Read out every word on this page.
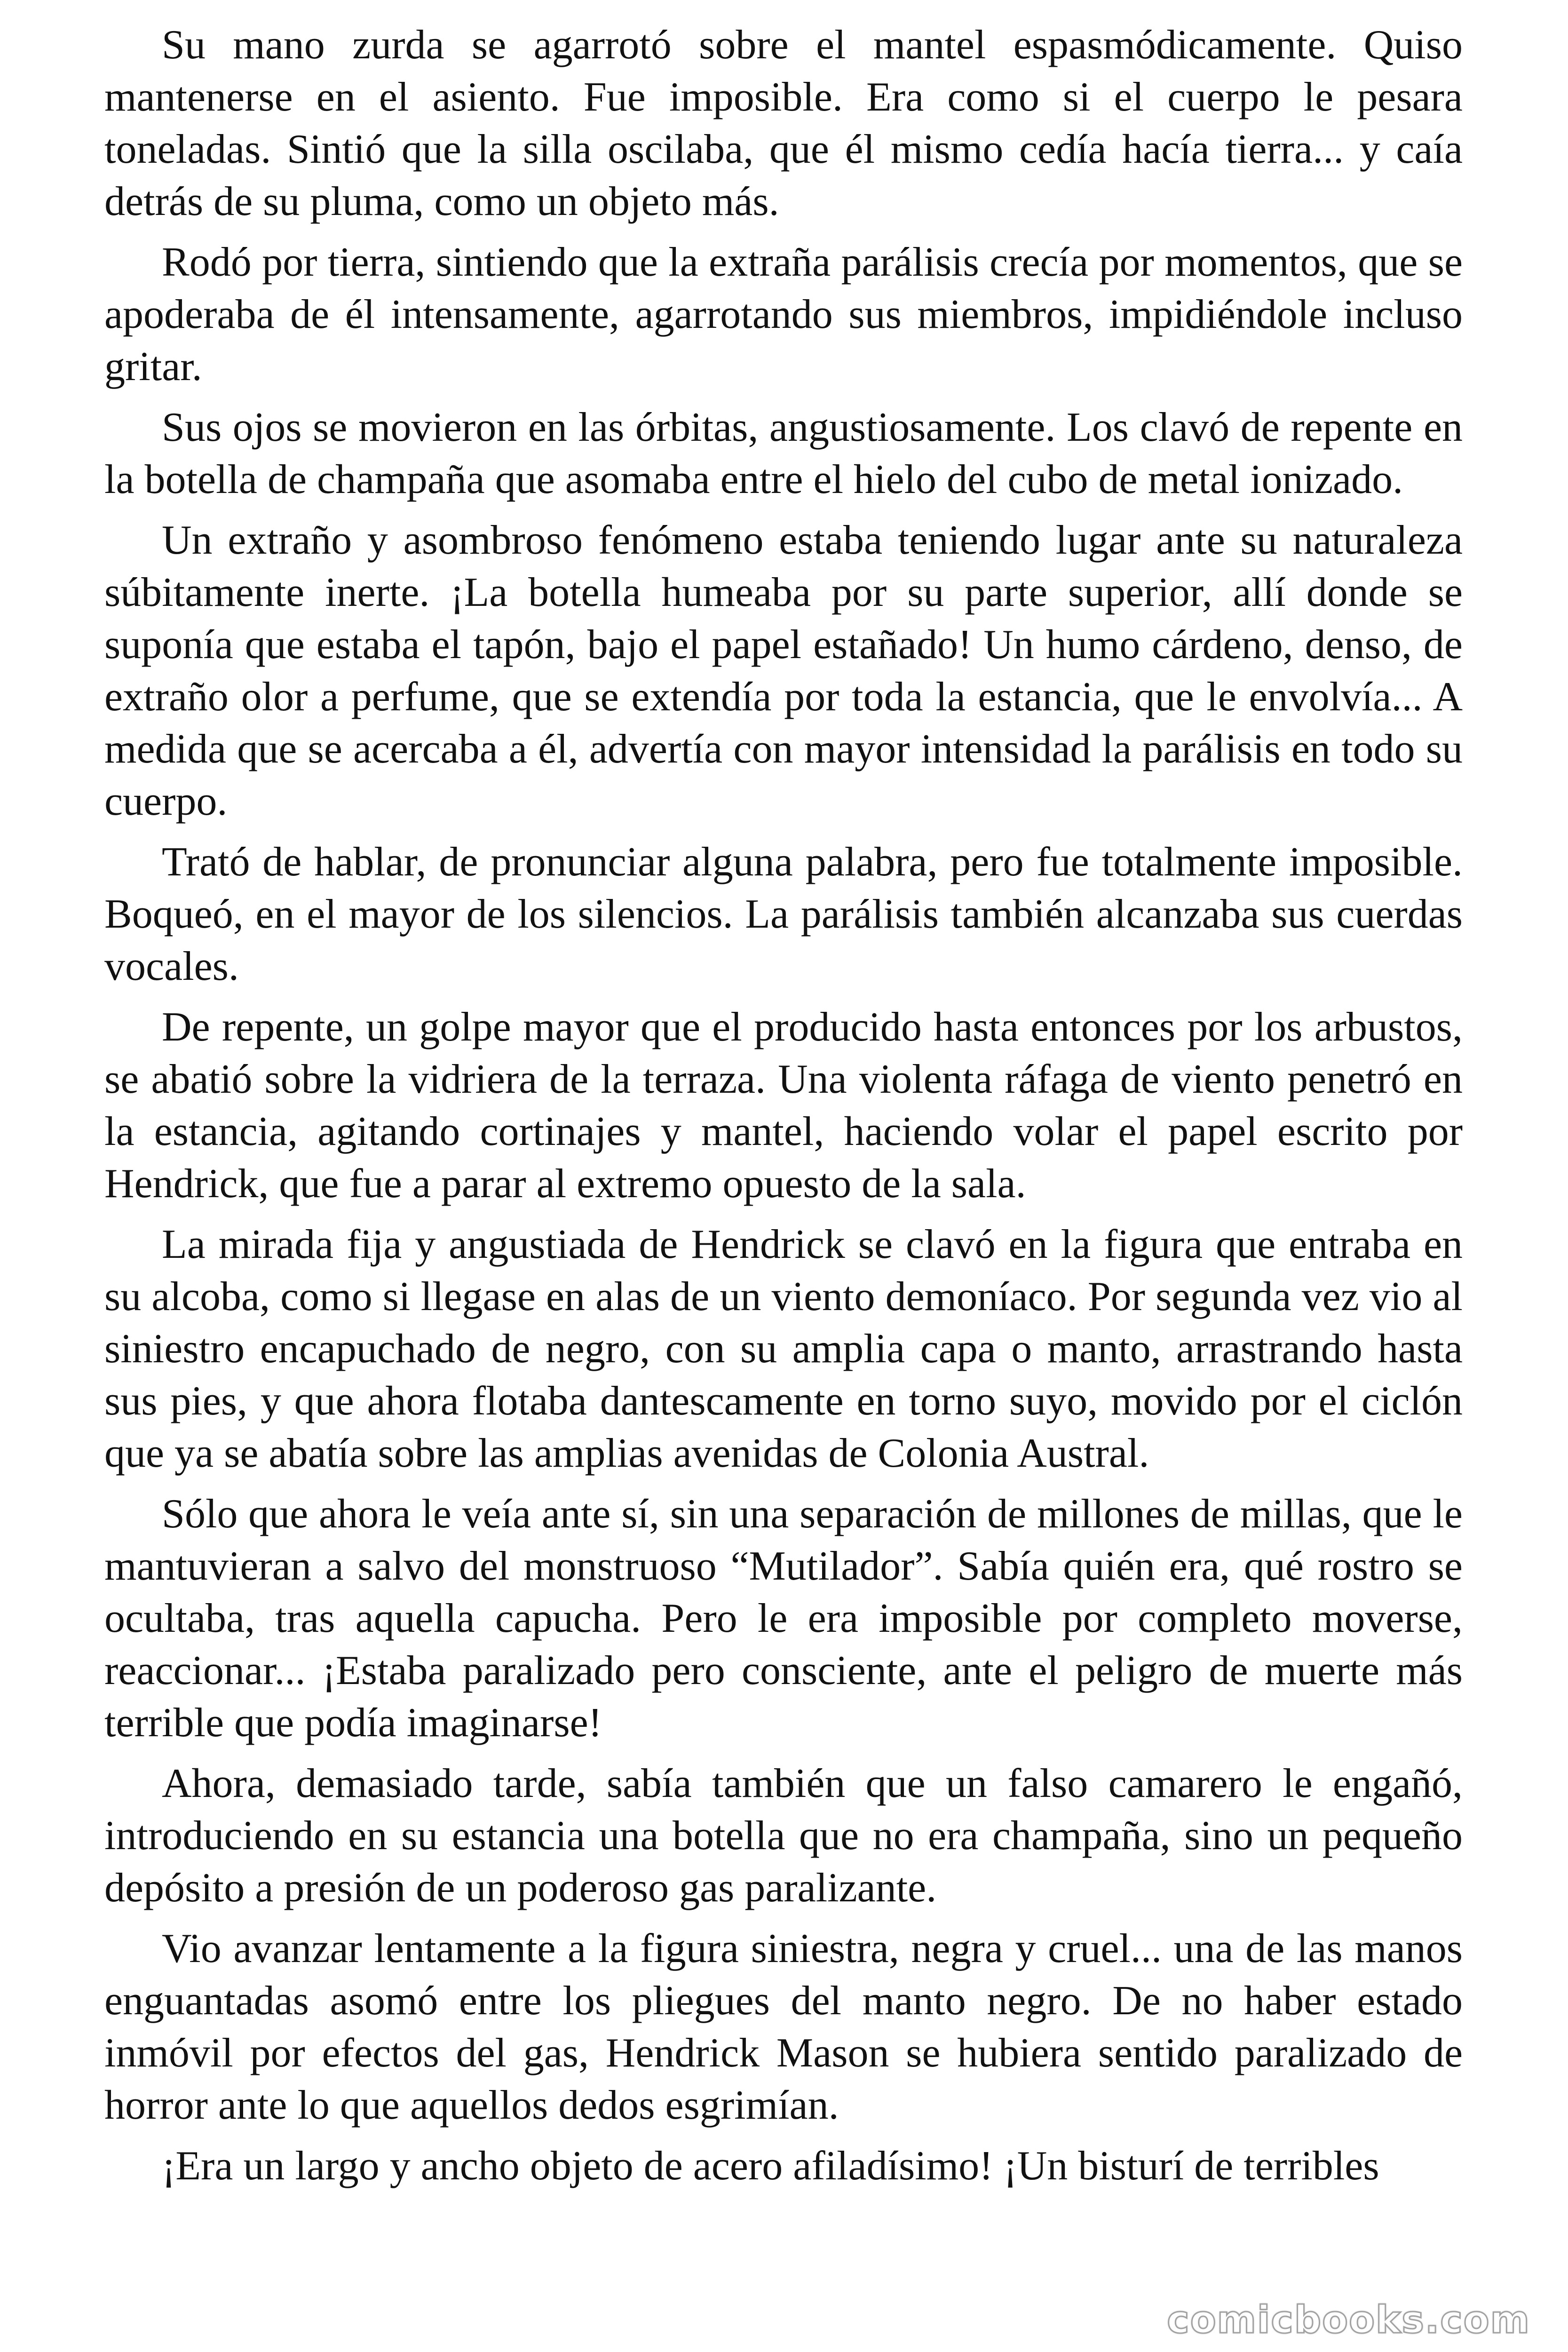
Su mano zurda se agarrotó sobre el mantel espasmódicamente. Quiso mantenerse en el asiento. Fue imposible. Era como si el cuerpo le pesara toneladas. Sintió que la silla oscilaba, que él mismo cedía hacía tierra... y caía detrás de su pluma, como un objeto más.

Rodó por tierra, sintiendo que la extraña parálisis crecía por momentos, que se apoderaba de él intensamente, agarrotando sus miembros, impidiéndole incluso gritar.

Sus ojos se movieron en las órbitas, angustiosamente. Los clavó de repente en la botella de champaña que asomaba entre el hielo del cubo de metal ionizado.

Un extraño y asombroso fenómeno estaba teniendo lugar ante su naturaleza súbitamente inerte. ¡La botella humeaba por su parte superior, allí donde se suponía que estaba el tapón, bajo el papel estañado! Un humo cárdeno, denso, de extraño olor a perfume, que se extendía por toda la estancia, que le envolvía... A medida que se acercaba a él, advertía con mayor intensidad la parálisis en todo su cuerpo.

Trató de hablar, de pronunciar alguna palabra, pero fue totalmente imposible. Boqueó, en el mayor de los silencios. La parálisis también alcanzaba sus cuerdas vocales.

De repente, un golpe mayor que el producido hasta entonces por los arbustos, se abatió sobre la vidriera de la terraza. Una violenta ráfaga de viento penetró en la estancia, agitando cortinajes y mantel, haciendo volar el papel escrito por Hendrick, que fue a parar al extremo opuesto de la sala.

La mirada fija y angustiada de Hendrick se clavó en la figura que entraba en su alcoba, como si llegase en alas de un viento demoníaco. Por segunda vez vio al siniestro encapuchado de negro, con su amplia capa o manto, arrastrando hasta sus pies, y que ahora flotaba dantescamente en torno suyo, movido por el ciclón que ya se abatía sobre las amplias avenidas de Colonia Austral.

Sólo que ahora le veía ante sí, sin una separación de millones de millas, que le mantuvieran a salvo del monstruoso “Mutilador”. Sabía quién era, qué rostro se ocultaba, tras aquella capucha. Pero le era imposible por completo moverse, reaccionar... ¡Estaba paralizado pero consciente, ante el peligro de muerte más terrible que podía imaginarse!

Ahora, demasiado tarde, sabía también que un falso camarero le engañó, introduciendo en su estancia una botella que no era champaña, sino un pequeño depósito a presión de un poderoso gas paralizante.

Vio avanzar lentamente a la figura siniestra, negra y cruel... una de las manos enguantadas asomó entre los pliegues del manto negro. De no haber estado inmóvil por efectos del gas, Hendrick Mason se hubiera sentido paralizado de horror ante lo que aquellos dedos esgrimían.

¡Era un largo y ancho objeto de acero afiladísimo! ¡Un bisturí de terribles

comicbooks.com
